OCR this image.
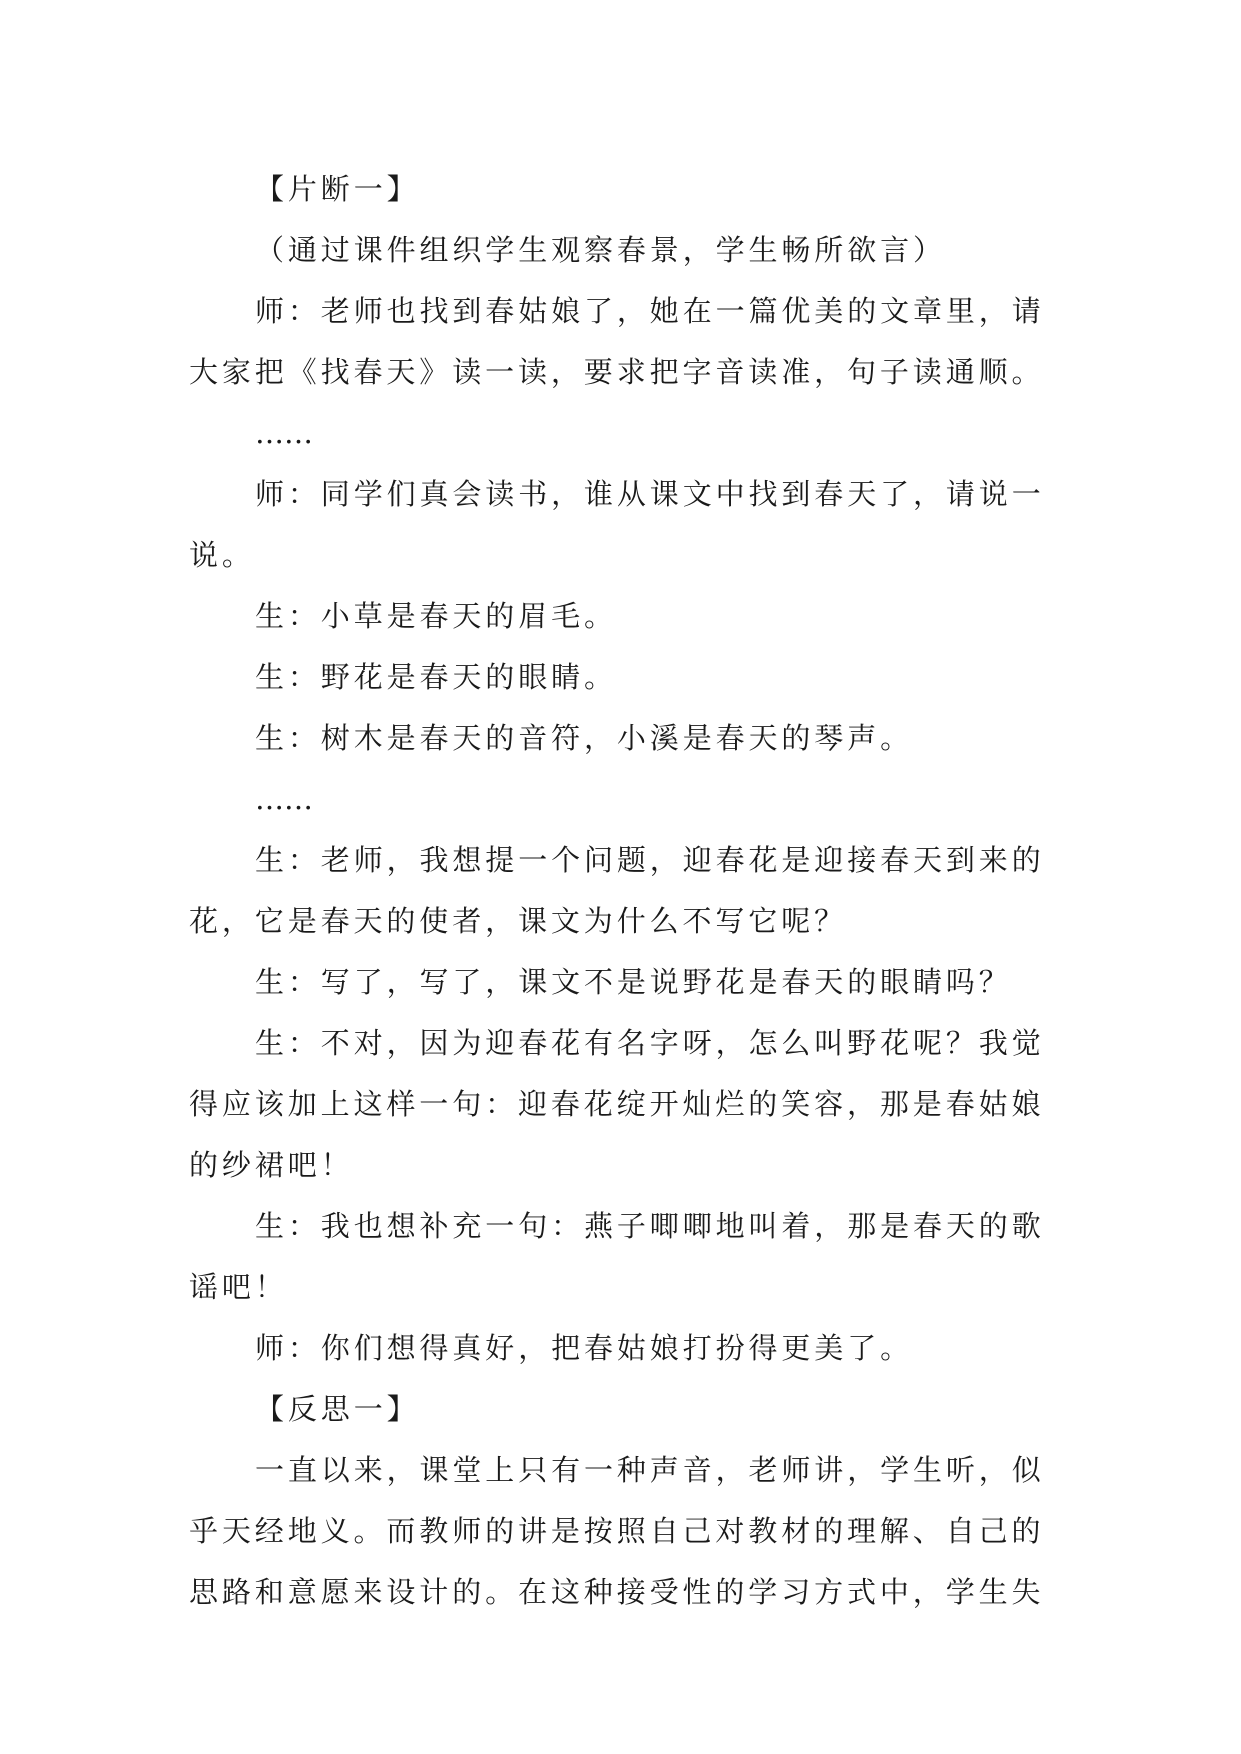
【片断一】

（通过课件组织学生观察春景，学生畅所欲言）

师：老师也找到春姑娘了，她在一篇优美的文章里，请大家把《找春天》读一读，要求把字音读准，句子读通顺。

……

师：同学们真会读书，谁从课文中找到春天了，请说一说。

生：小草是春天的眉毛。

生：野花是春天的眼睛。

生：树木是春天的音符，小溪是春天的琴声。

……

生：老师，我想提一个问题，迎春花是迎接春天到来的花，它是春天的使者，课文为什么不写它呢？

生：写了，写了，课文不是说野花是春天的眼睛吗？

生：不对，因为迎春花有名字呀，怎么叫野花呢？我觉得应该加上这样一句：迎春花绽开灿烂的笑容，那是春姑娘的纱裙吧！

生：我也想补充一句：燕子唧唧地叫着，那是春天的歌谣吧！

师：你们想得真好，把春姑娘打扮得更美了。

【反思一】

一直以来，课堂上只有一种声音，老师讲，学生听，似乎天经地义。而教师的讲是按照自己对教材的理解、自己的思路和意愿来设计的。在这种接受性的学习方式中，学生失
